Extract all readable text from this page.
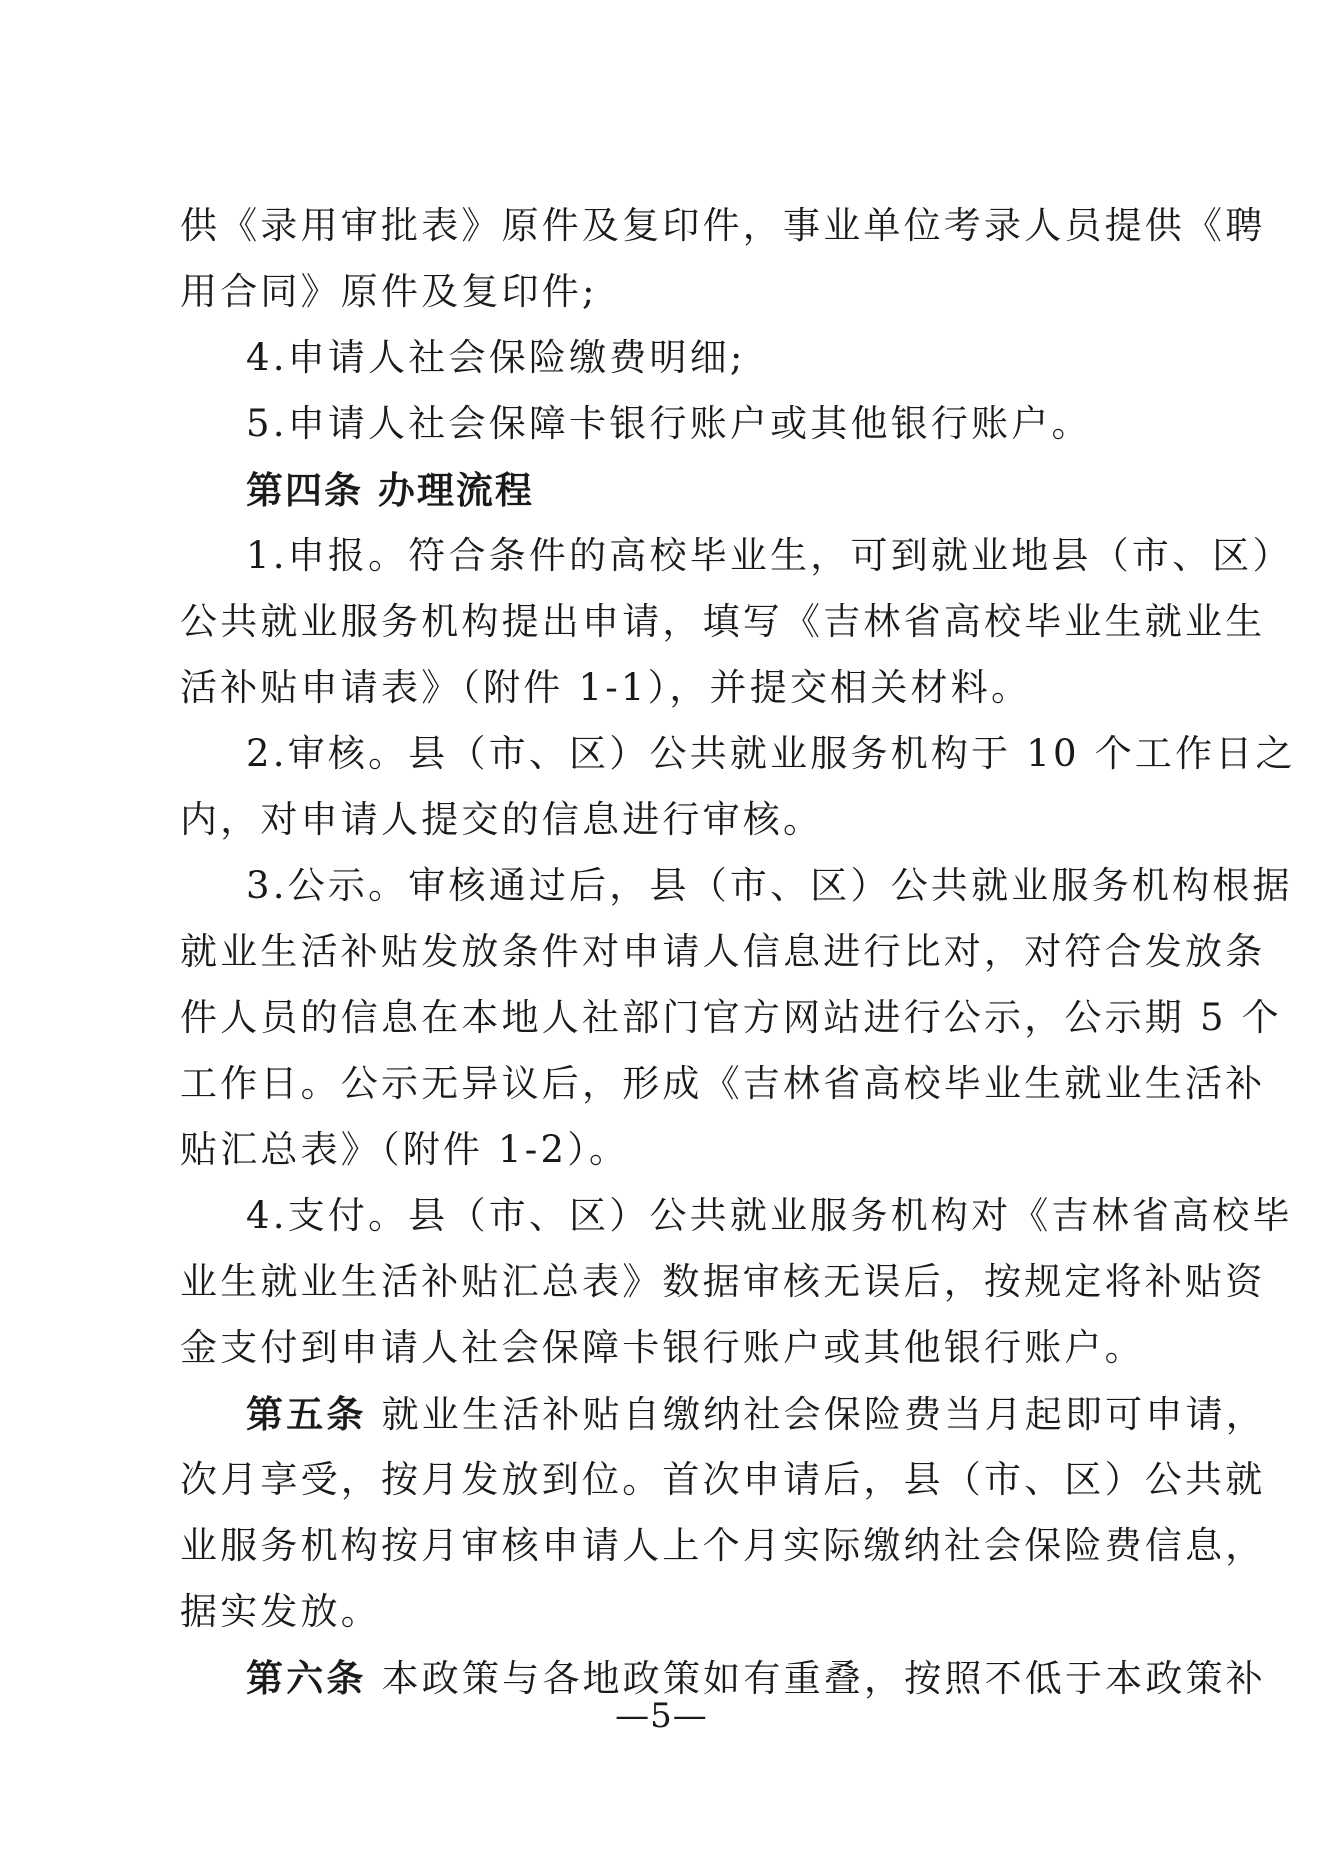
供《录用审批表》原件及复印件，事业单位考录人员提供《聘
用合同》原件及复印件;
4.申请人社会保险缴费明细;
5.申请人社会保障卡银行账户或其他银行账户。
第四条 办理流程
1.申报。符合条件的高校毕业生，可到就业地县（市、区）
公共就业服务机构提出申请，填写《吉林省高校毕业生就业生
活补贴申请表》（附件 1-1），并提交相关材料。
2.审核。县（市、区）公共就业服务机构于 10 个工作日之
内，对申请人提交的信息进行审核。
3.公示。审核通过后，县（市、区）公共就业服务机构根据
就业生活补贴发放条件对申请人信息进行比对，对符合发放条
件人员的信息在本地人社部门官方网站进行公示，公示期 5 个
工作日。公示无异议后，形成《吉林省高校毕业生就业生活补
贴汇总表》（附件 1-2）。
4.支付。县（市、区）公共就业服务机构对《吉林省高校毕
业生就业生活补贴汇总表》数据审核无误后，按规定将补贴资
金支付到申请人社会保障卡银行账户或其他银行账户。
第五条 就业生活补贴自缴纳社会保险费当月起即可申请，
次月享受，按月发放到位。首次申请后，县（市、区）公共就
业服务机构按月审核申请人上个月实际缴纳社会保险费信息，
据实发放。
第六条 本政策与各地政策如有重叠，按照不低于本政策补
—5—
